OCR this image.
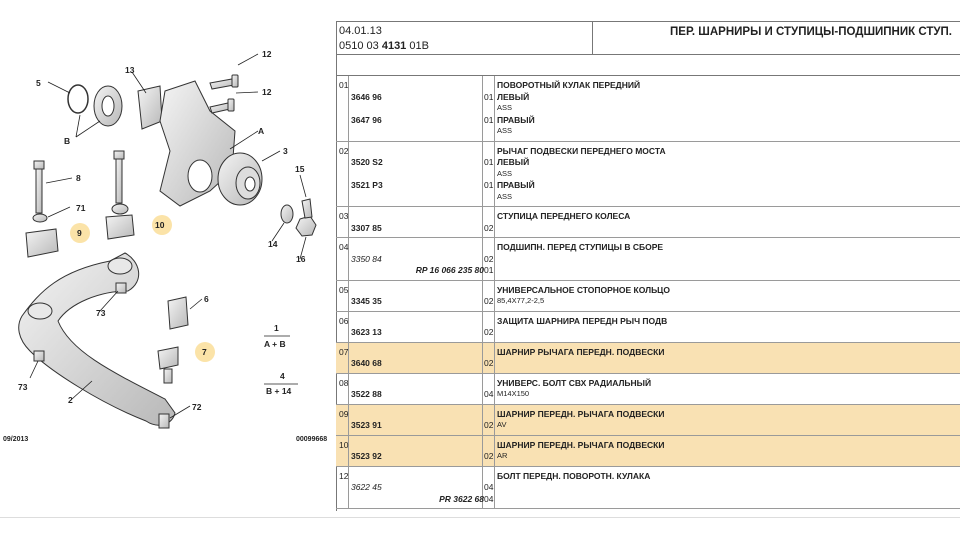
5
13
12
12
B
A
3
8
15
71
10
9
14
16
6
73
1
A + B
7
4
B + 14
73
2
72
09/2013	00099668
04.01.13
0510 03 4131 01B
ПЕР. ШАРНИРЫ И СТУПИЦЫ-ПОДШИПНИК СТУП.
01	ПОВОРОТНЫЙ КУЛАК ПЕРЕДНИЙ
3646 96	01 ЛЕВЫЙ
ASS
3647 96	01 ПРАВЫЙ
ASS
02	РЫЧАГ ПОДВЕСКИ ПЕРЕДНЕГО МОСТА
3520 S2	01 ЛЕВЫЙ
ASS
3521 P3	01 ПРАВЫЙ
ASS
03	СТУПИЦА ПЕРЕДНЕГО КОЛЕСА
3307 85	02
04	ПОДШИПН. ПЕРЕД СТУПИЦЫ В СБОРЕ
3350 84	02
RP 16 066 235 80 01
05	УНИВЕРСАЛЬНОЕ СТОПОРНОЕ КОЛЬЦО
3345 35	02 85,4X77,2-2,5
06	ЗАЩИТА ШАРНИРА ПЕРЕДН РЫЧ ПОДВ
3623 13	02
07	ШАРНИР РЫЧАГА ПЕРЕДН. ПОДВЕСКИ
3640 68	02
08	УНИВЕРС. БОЛТ СВХ РАДИАЛЬНЫЙ
3522 88	04 M14X150
09	ШАРНИР ПЕРЕДН. РЫЧАГА ПОДВЕСКИ
3523 91	02 AV
10	ШАРНИР ПЕРЕДН. РЫЧАГА ПОДВЕСКИ
3523 92	02 AR
12	БОЛТ ПЕРЕДН. ПОВОРОТН. КУЛАКА
3622 45	04
PR 3622 68 04
